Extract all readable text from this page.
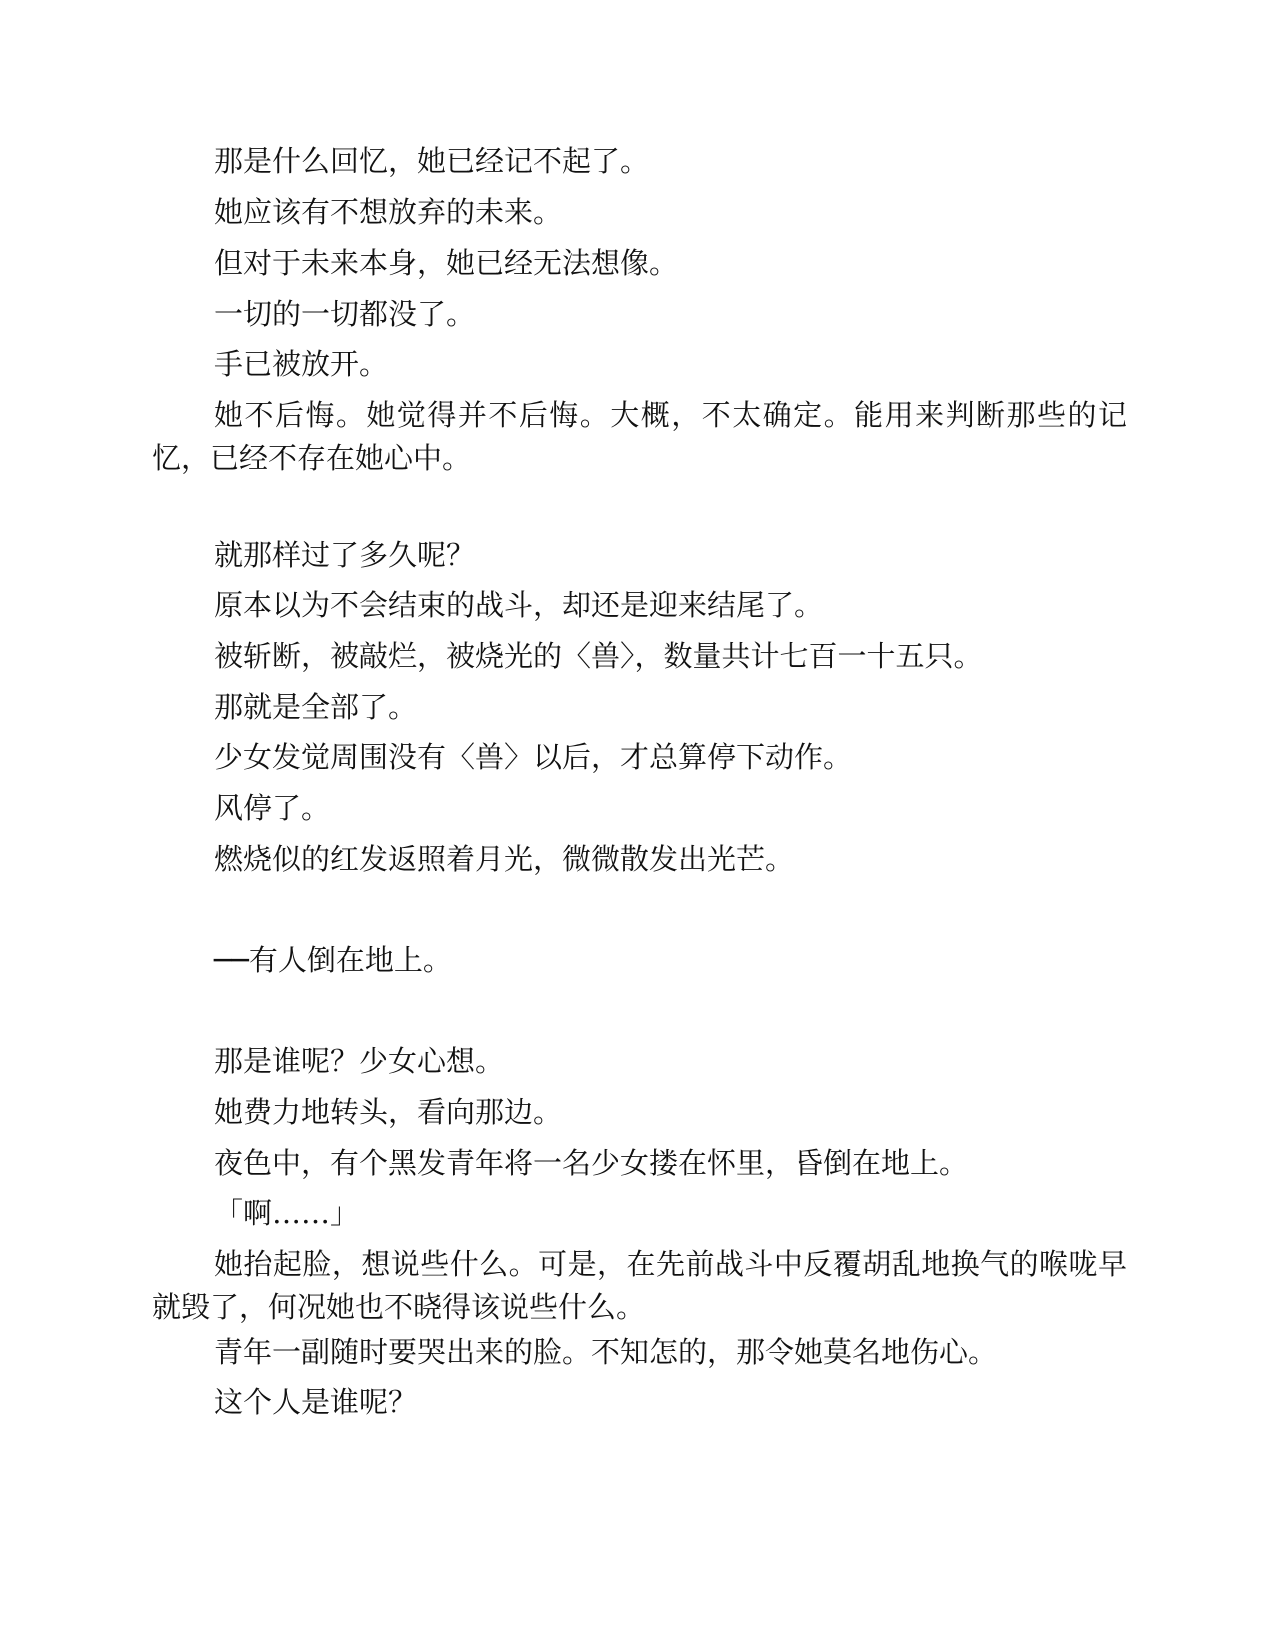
那是什么回忆，她已经记不起了。

她应该有不想放弃的未来。

但对于未来本身，她已经无法想像。

一切的一切都没了。

手已被放开。

她不后悔。她觉得并不后悔。大概，不太确定。能用来判断那些的记忆，已经不存在她心中。

就那样过了多久呢？

原本以为不会结束的战斗，却还是迎来结尾了。

被斩断，被敲烂，被烧光的〈兽〉，数量共计七百一十五只。

那就是全部了。

少女发觉周围没有〈兽〉以后，才总算停下动作。

风停了。

燃烧似的红发返照着月光，微微散发出光芒。

──有人倒在地上。

那是谁呢？少女心想。

她费力地转头，看向那边。

夜色中，有个黑发青年将一名少女搂在怀里，昏倒在地上。

「啊……」

她抬起脸，想说些什么。可是，在先前战斗中反覆胡乱地换气的喉咙早就毁了，何况她也不晓得该说些什么。

青年一副随时要哭出来的脸。不知怎的，那令她莫名地伤心。

这个人是谁呢？
